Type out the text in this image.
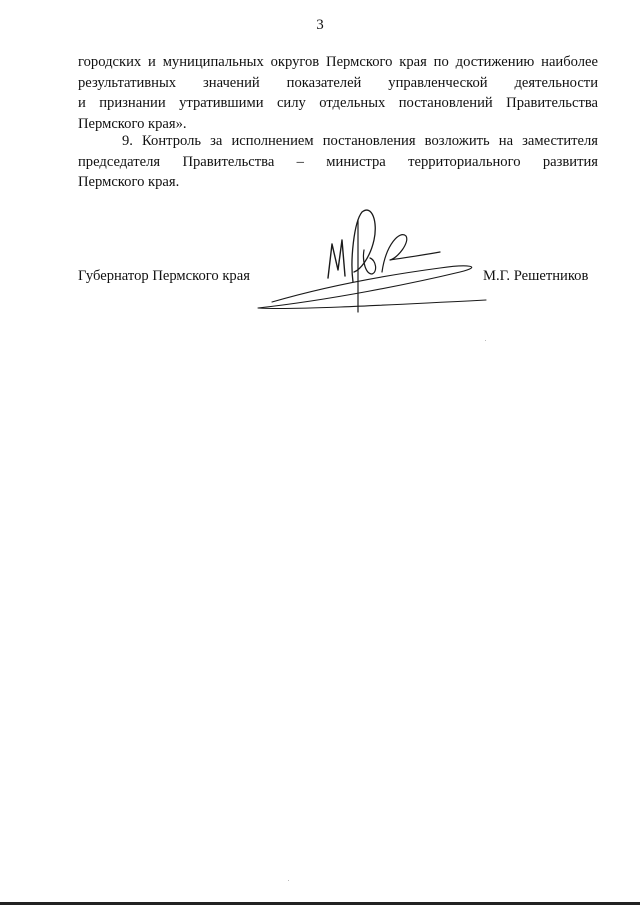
3
городских и муниципальных округов Пермского края по достижению наиболее
результативных значений показателей управленческой деятельности
и признании утратившими силу отдельных постановлений Правительства
Пермского края».
9. Контроль за исполнением постановления возложить на заместителя
председателя Правительства – министра территориального развития
Пермского края.
Губернатор Пермского края	М.Г. Решетников
